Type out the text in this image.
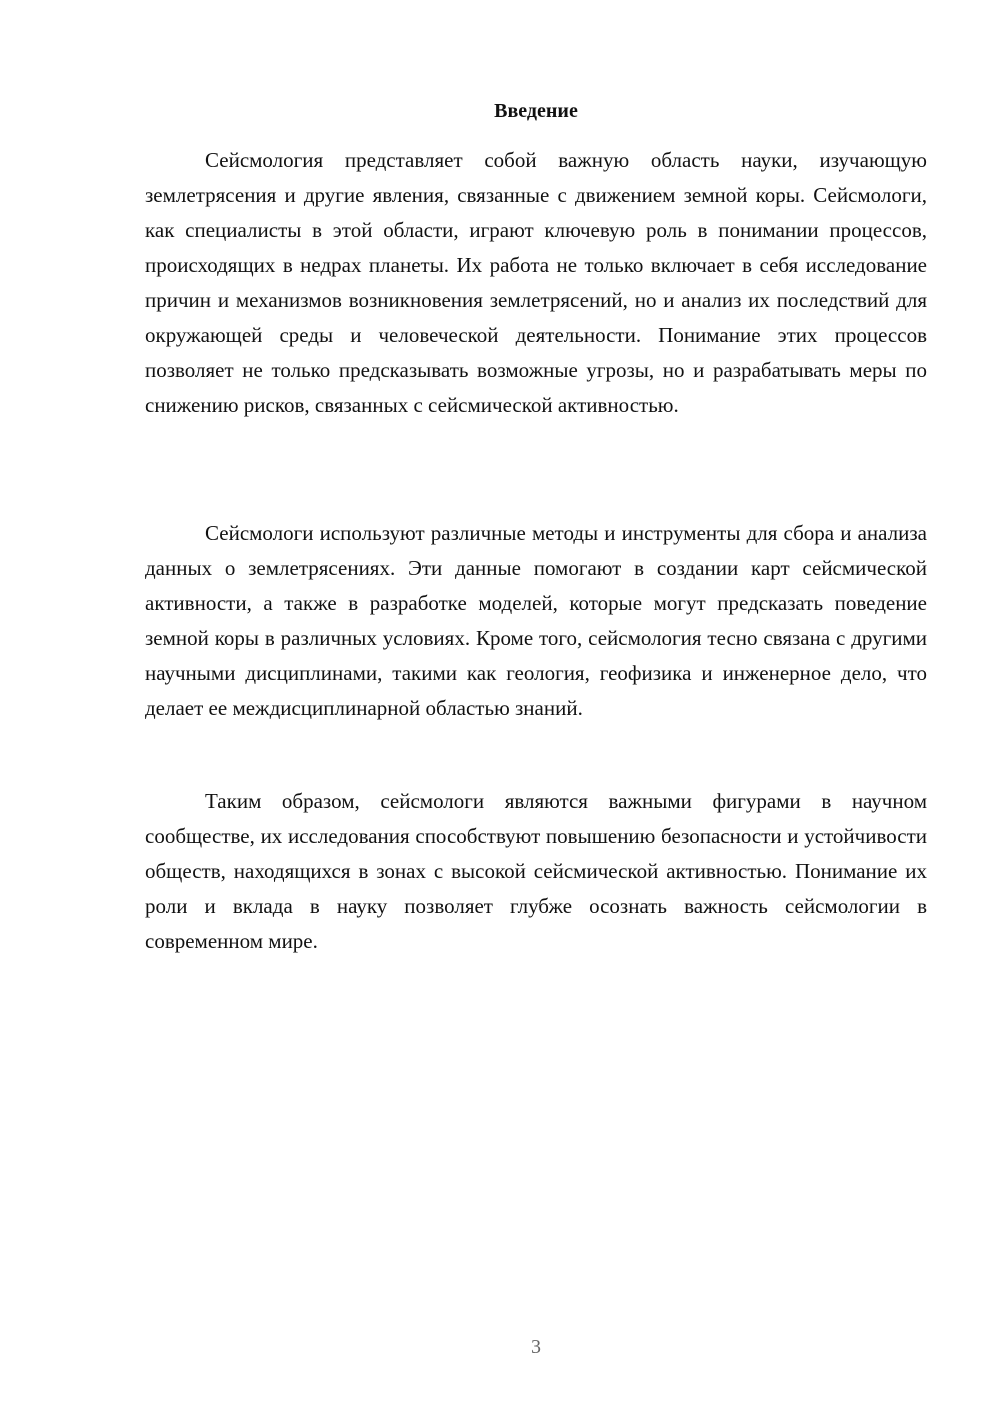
Введение

Сейсмология представляет собой важную область науки, изучающую землетрясения и другие явления, связанные с движением земной коры. Сейсмологи, как специалисты в этой области, играют ключевую роль в понимании процессов, происходящих в недрах планеты. Их работа не только включает в себя исследование причин и механизмов возникновения землетрясений, но и анализ их последствий для окружающей среды и человеческой деятельности. Понимание этих процессов позволяет не только предсказывать возможные угрозы, но и разрабатывать меры по снижению рисков, связанных с сейсмической активностью.

Сейсмологи используют различные методы и инструменты для сбора и анализа данных о землетрясениях. Эти данные помогают в создании карт сейсмической активности, а также в разработке моделей, которые могут предсказать поведение земной коры в различных условиях. Кроме того, сейсмология тесно связана с другими научными дисциплинами, такими как геология, геофизика и инженерное дело, что делает ее междисциплинарной областью знаний.

Таким образом, сейсмологи являются важными фигурами в научном сообществе, их исследования способствуют повышению безопасности и устойчивости обществ, находящихся в зонах с высокой сейсмической активностью. Понимание их роли и вклада в науку позволяет глубже осознать важность сейсмологии в современном мире.

3
